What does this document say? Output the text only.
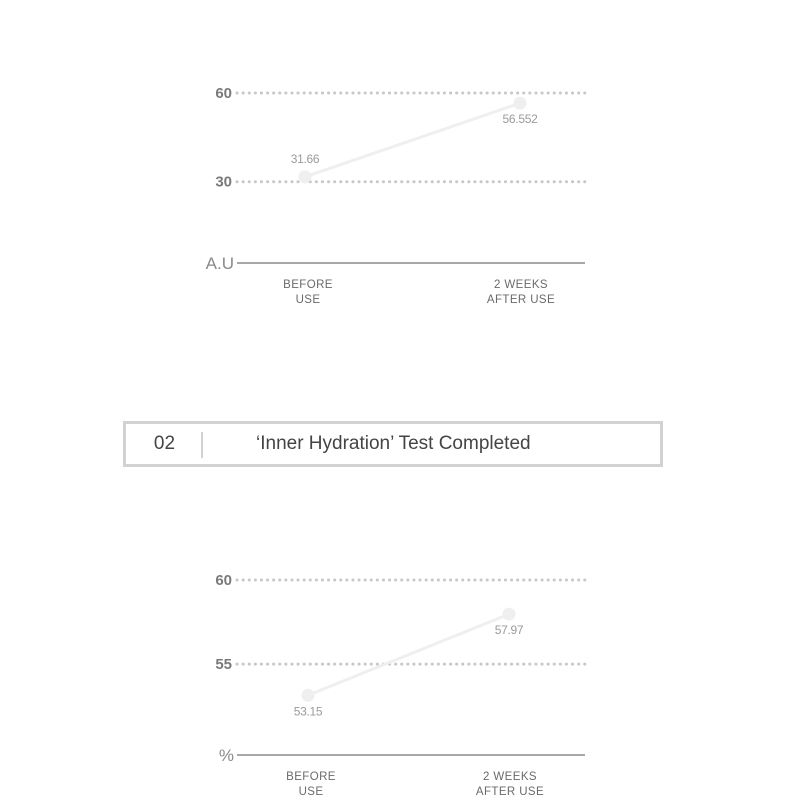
30
60
A.U
31.66
56.552
BEFORE USE
2 WEEKS AFTER USE
02	‘Inner Hydration’ Test Completed
55
60
%
53.15
57.97
BEFORE USE
2 WEEKS AFTER USE
